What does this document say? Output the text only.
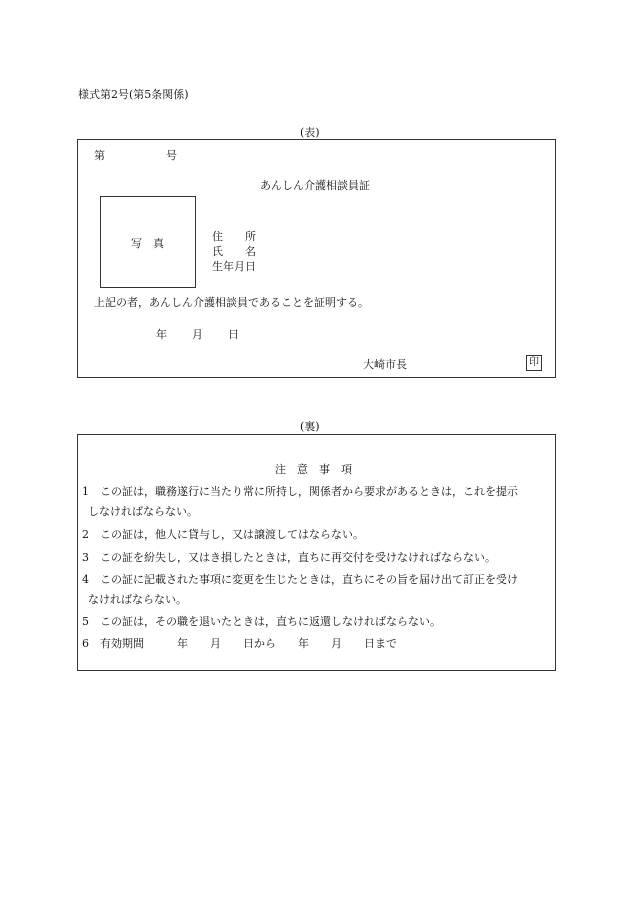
様式第2号(第5条関係)
(表)
第	号
あんしん介護相談員証
写　真
住　　所
氏　　名
生年月日
上記の者，あんしん介護相談員であることを証明する。
年 月 日
大崎市長	印
(裏)
注　意　事　項
1　この証は，職務遂行に当たり常に所持し，関係者から要求があるときは，これを提示
しなければならない。
2　この証は，他人に貸与し，又は譲渡してはならない。
3　この証を紛失し，又はき損したときは，直ちに再交付を受けなければならない。
4　この証に記載された事項に変更を生じたときは，直ちにその旨を届け出て訂正を受け
なければならない。
5　この証は，その職を退いたときは，直ちに返還しなければならない。
6　有効期間　　　年　　月　　日から　　年　　月　　日まで
